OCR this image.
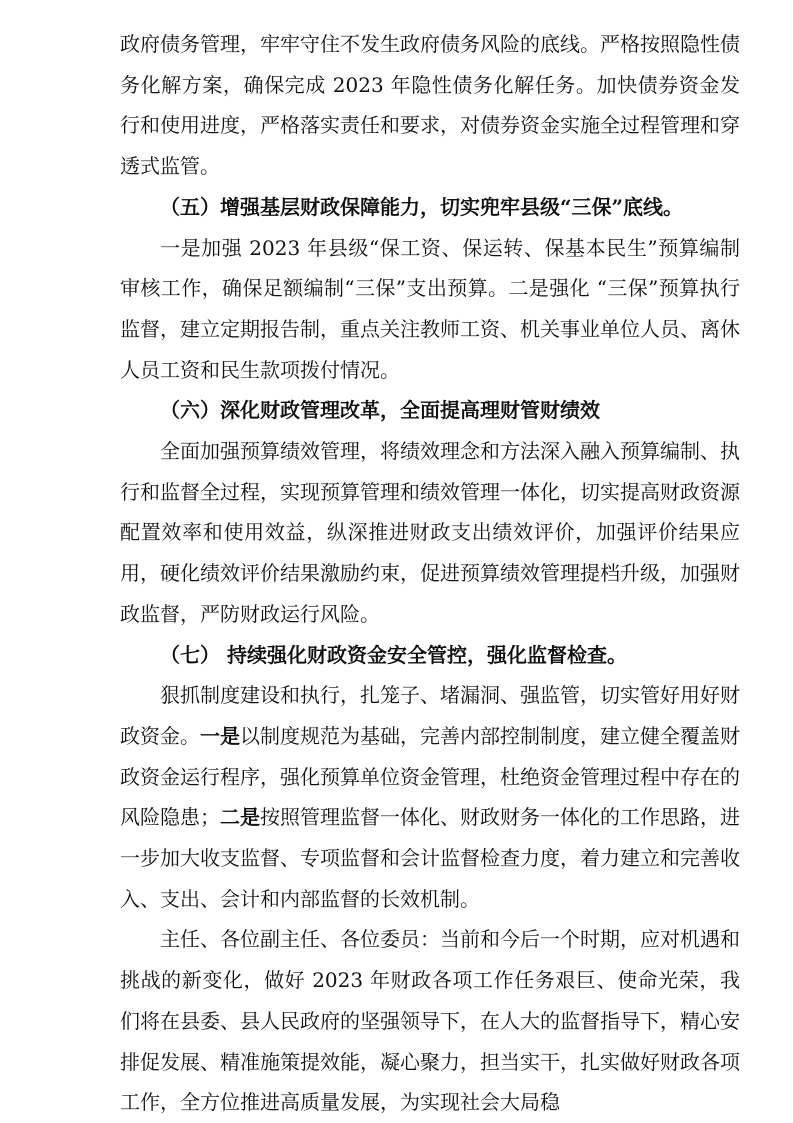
政府债务管理，牢牢守住不发生政府债务风险的底线。严格按照隐性债务化解方案，确保完成 2023 年隐性债务化解任务。加快债券资金发行和使用进度，严格落实责任和要求，对债券资金实施全过程管理和穿透式监管。

（五）增强基层财政保障能力，切实兜牢县级“三保”底线。

一是加强 2023 年县级“保工资、保运转、保基本民生”预算编制审核工作，确保足额编制“三保”支出预算。二是强化 “三保”预算执行监督，建立定期报告制，重点关注教师工资、机关事业单位人员、离休人员工资和民生款项拨付情况。

（六）深化财政管理改革，全面提高理财管财绩效

全面加强预算绩效管理，将绩效理念和方法深入融入预算编制、执行和监督全过程，实现预算管理和绩效管理一体化，切实提高财政资源配置效率和使用效益，纵深推进财政支出绩效评价，加强评价结果应用，硬化绩效评价结果激励约束，促进预算绩效管理提档升级，加强财政监督，严防财政运行风险。

（七） 持续强化财政资金安全管控，强化监督检查。

狠抓制度建设和执行，扎笼子、堵漏洞、强监管，切实管好用好财政资金。一是以制度规范为基础，完善内部控制制度，建立健全覆盖财政资金运行程序，强化预算单位资金管理，杜绝资金管理过程中存在的风险隐患；二是按照管理监督一体化、财政财务一体化的工作思路，进一步加大收支监督、专项监督和会计监督检查力度，着力建立和完善收入、支出、会计和内部监督的长效机制。

主任、各位副主任、各位委员：当前和今后一个时期，应对机遇和挑战的新变化，做好 2023 年财政各项工作任务艰巨、使命光荣，我们将在县委、县人民政府的坚强领导下，在人大的监督指导下，精心安排促发展、精准施策提效能，凝心聚力，担当实干，扎实做好财政各项工作，全方位推进高质量发展，为实现社会大局稳
